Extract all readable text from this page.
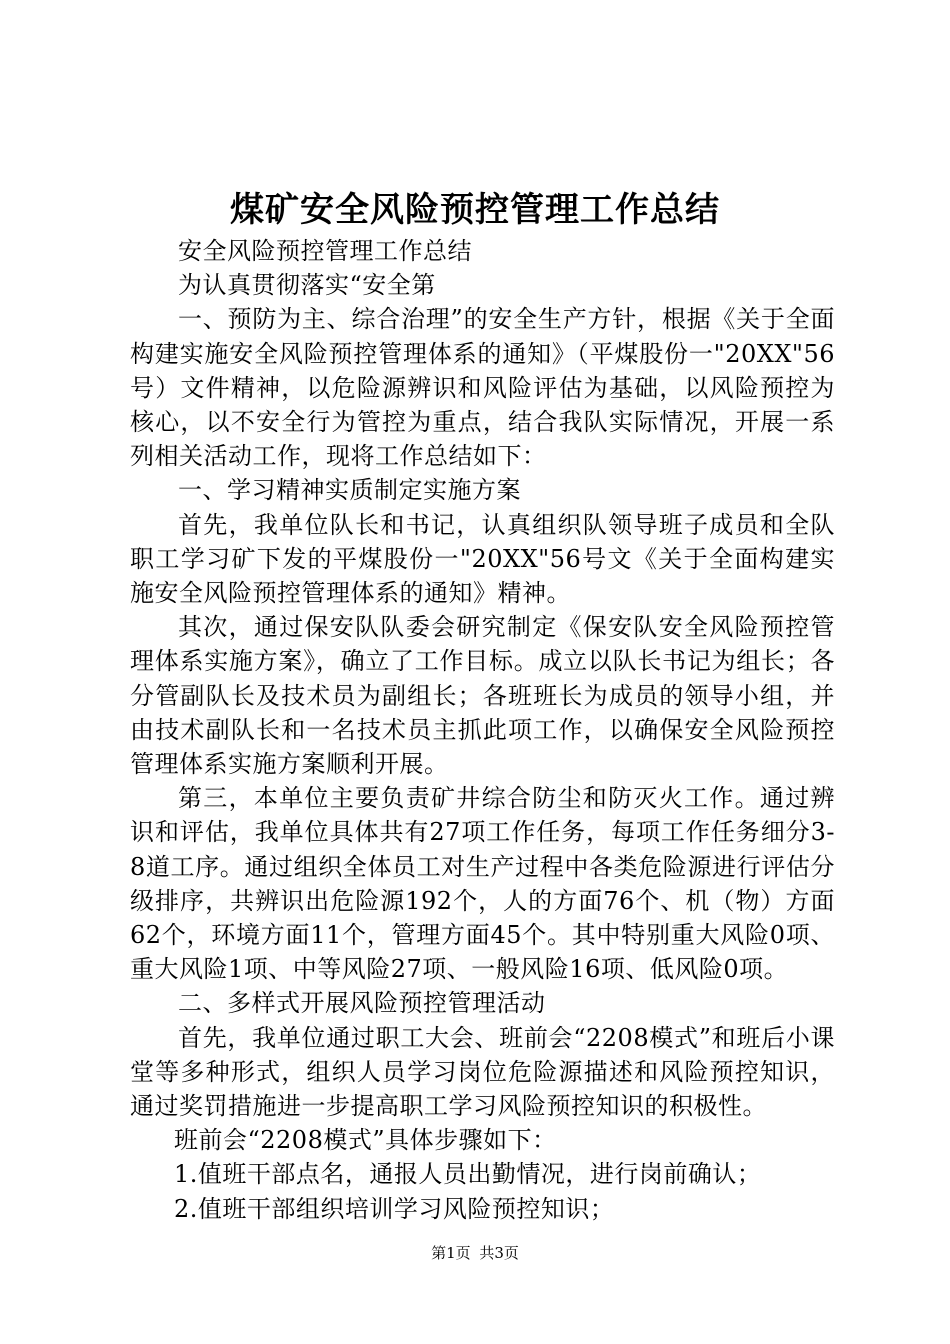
煤矿安全风险预控管理工作总结

安全风险预控管理工作总结

为认真贯彻落实“安全第

一、预防为主、综合治理”的安全生产方针，根据《关于全面构建实施安全风险预控管理体系的通知》（平煤股份一"20XX"56号）文件精神，以危险源辨识和风险评估为基础，以风险预控为核心，以不安全行为管控为重点，结合我队实际情况，开展一系列相关活动工作，现将工作总结如下：

一、学习精神实质制定实施方案

首先，我单位队长和书记，认真组织队领导班子成员和全队职工学习矿下发的平煤股份一"20XX"56号文《关于全面构建实施安全风险预控管理体系的通知》精神。

其次，通过保安队队委会研究制定《保安队安全风险预控管理体系实施方案》，确立了工作目标。成立以队长书记为组长；各分管副队长及技术员为副组长；各班班长为成员的领导小组，并由技术副队长和一名技术员主抓此项工作，以确保安全风险预控管理体系实施方案顺利开展。

第三，本单位主要负责矿井综合防尘和防灭火工作。通过辨识和评估，我单位具体共有27项工作任务，每项工作任务细分3-8道工序。通过组织全体员工对生产过程中各类危险源进行评估分级排序，共辨识出危险源192个，人的方面76个、机（物）方面62个，环境方面11个，管理方面45个。其中特别重大风险0项、重大风险1项、中等风险27项、一般风险16项、低风险0项。

二、多样式开展风险预控管理活动

首先，我单位通过职工大会、班前会“2208模式”和班后小课堂等多种形式，组织人员学习岗位危险源描述和风险预控知识，通过奖罚措施进一步提高职工学习风险预控知识的积极性。

班前会“2208模式”具体步骤如下：

1.值班干部点名，通报人员出勤情况，进行岗前确认；

2.值班干部组织培训学习风险预控知识；

第1页 共3页
